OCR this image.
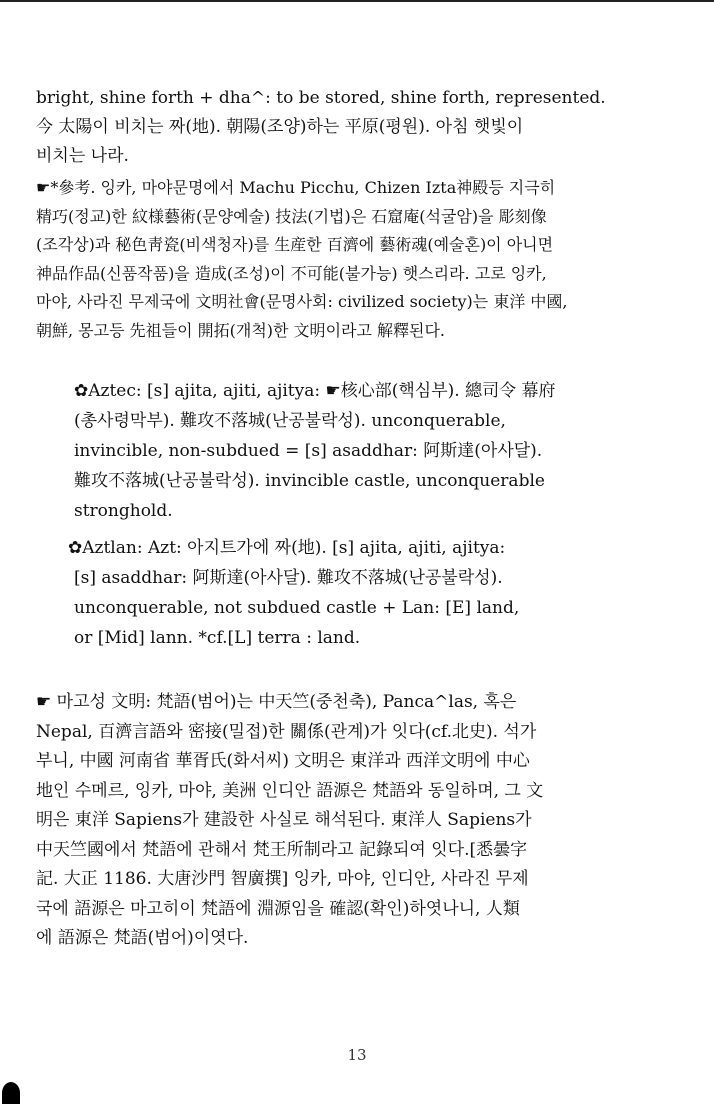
bright, shine forth + dha^: to be stored, shine forth, represented.
今 太陽이 비치는 짜(地). 朝陽(조양)하는 平原(평원). 아침 햇빛이
비치는 나라.
☛*參考. 잉카, 마야문명에서 Machu Picchu, Chizen Izta神殿등 지극히
精巧(정교)한 紋様藝術(문양예술) 技法(기법)은 石窟庵(석굴암)을 彫刻像
(조각상)과 秘色靑瓷(비색청자)를 生産한 百濟에 藝術魂(예술혼)이 아니면
神品作品(신품작품)을 造成(조성)이 不可能(불가능) 햇스리라. 고로 잉카,
마야, 사라진 무제국에 文明社會(문명사회: civilized society)는 東洋 中國,
朝鮮, 몽고등 先祖들이 開拓(개척)한 文明이라고 解釋된다.
✿Aztec: [s] ajita, ajiti, ajitya: ☛核心部(핵심부). 總司令 幕府
(총사령막부). 難攻不落城(난공불락성). unconquerable,
invincible, non-subdued = [s] asaddhar: 阿斯達(아사달).
難攻不落城(난공불락성). invincible castle, unconquerable
stronghold.
✿Aztlan: Azt: 아지트가에 짜(地). [s] ajita, ajiti, ajitya:
[s] asaddhar: 阿斯達(아사달). 難攻不落城(난공불락성).
unconquerable, not subdued castle + Lan: [E] land,
or [Mid] lann. *cf.[L] terra : land.
☛ 마고성 文明: 梵語(범어)는 中天竺(중천축), Panca^las, 혹은
Nepal, 百濟言語와 密接(밀접)한 關係(관계)가 잇다(cf.北史). 석가
부니, 中國 河南省 華胥氏(화서씨) 文明은 東洋과 西洋文明에 中心
地인 수메르, 잉카, 마야, 美洲 인디안 語源은 梵語와 동일하며, 그 文
明은 東洋 Sapiens가 建設한 사실로 해석된다. 東洋人 Sapiens가
中天竺國에서 梵語에 관해서 梵王所制라고 記錄되여 잇다.[悉曇字
記. 大正 1186. 大唐沙門 智廣撰] 잉카, 마야, 인디안, 사라진 무제
국에 語源은 마고히이 梵語에 淵源임을 確認(확인)하엿나니, 人類
에 語源은 梵語(범어)이엿다.
13
